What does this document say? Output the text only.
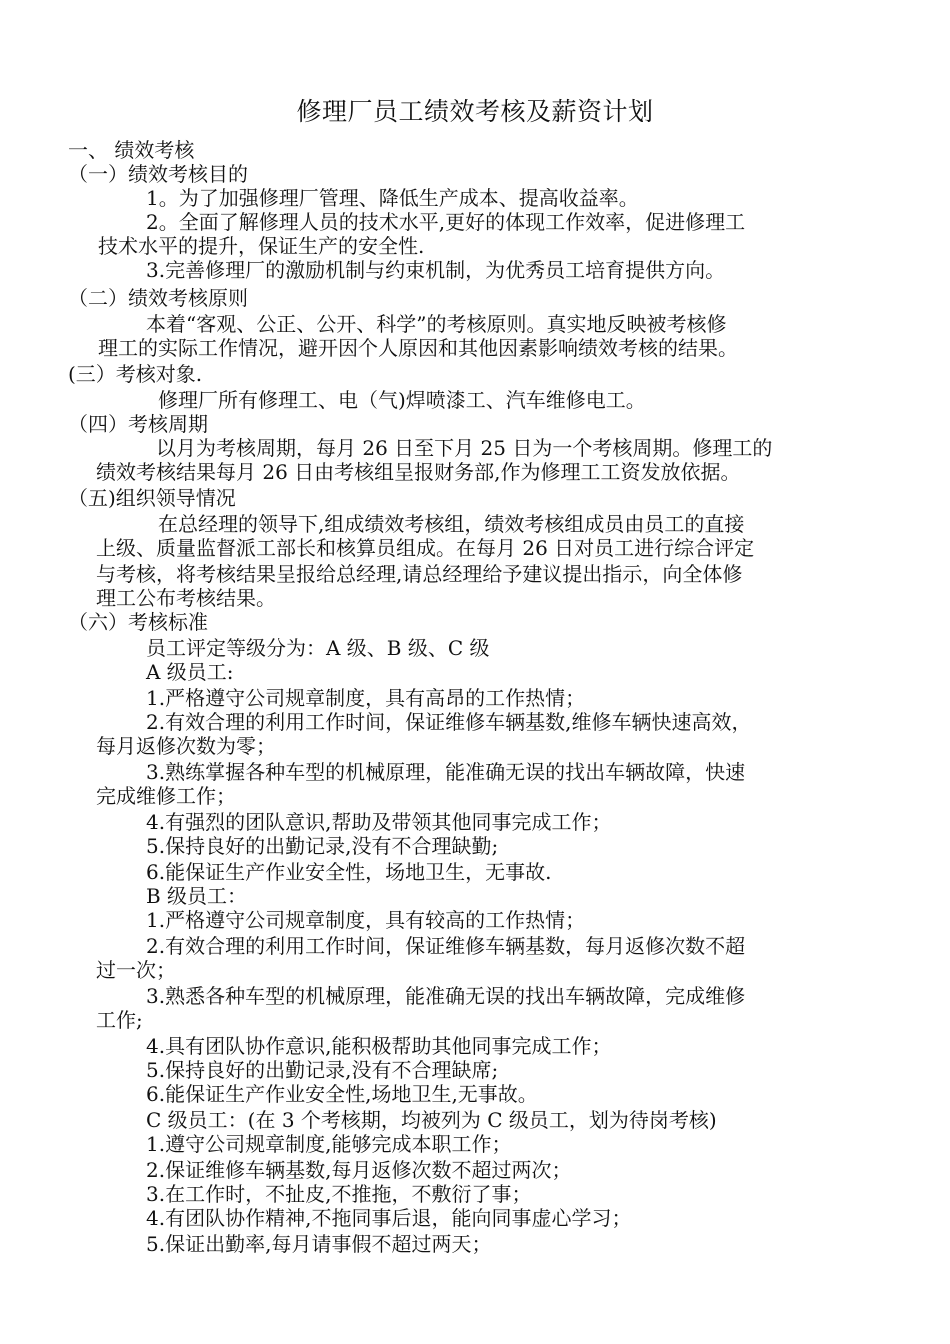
修理厂员工绩效考核及薪资计划
一、 绩效考核
（一）绩效考核目的
1。为了加强修理厂管理、降低生产成本、提高收益率。
2。全面了解修理人员的技术水平,更好的体现工作效率，促进修理工
技术水平的提升，保证生产的安全性.
3.完善修理厂的激励机制与约束机制，为优秀员工培育提供方向。
（二）绩效考核原则
本着“客观、公正、公开、科学”的考核原则。真实地反映被考核修
理工的实际工作情况，避开因个人原因和其他因素影响绩效考核的结果。
(三）考核对象.
修理厂所有修理工、电（气)焊喷漆工、汽车维修电工。
（四）考核周期
以月为考核周期，每月 26 日至下月 25 日为一个考核周期。修理工的
绩效考核结果每月 26 日由考核组呈报财务部,作为修理工工资发放依据。
（五)组织领导情况
在总经理的领导下,组成绩效考核组，绩效考核组成员由员工的直接
上级、质量监督派工部长和核算员组成。在每月 26 日对员工进行综合评定
与考核，将考核结果呈报给总经理,请总经理给予建议提出指示，向全体修
理工公布考核结果。
（六）考核标准
员工评定等级分为：A 级、B 级、C 级
A 级员工:
1.严格遵守公司规章制度，具有高昂的工作热情；
2.有效合理的利用工作时间，保证维修车辆基数,维修车辆快速高效，
每月返修次数为零；
3.熟练掌握各种车型的机械原理，能准确无误的找出车辆故障，快速
完成维修工作；
4.有强烈的团队意识,帮助及带领其他同事完成工作；
5.保持良好的出勤记录,没有不合理缺勤;
6.能保证生产作业安全性，场地卫生，无事故.
B 级员工：
1.严格遵守公司规章制度，具有较高的工作热情；
2.有效合理的利用工作时间，保证维修车辆基数，每月返修次数不超
过一次；
3.熟悉各种车型的机械原理，能准确无误的找出车辆故障，完成维修
工作;
4.具有团队协作意识,能积极帮助其他同事完成工作；
5.保持良好的出勤记录,没有不合理缺席;
6.能保证生产作业安全性,场地卫生,无事故。
C 级员工：(在 3 个考核期，均被列为 C 级员工，划为待岗考核)
1.遵守公司规章制度,能够完成本职工作；
2.保证维修车辆基数,每月返修次数不超过两次；
3.在工作时，不扯皮,不推拖，不敷衍了事；
4.有团队协作精神,不拖同事后退，能向同事虚心学习；
5.保证出勤率,每月请事假不超过两天；
